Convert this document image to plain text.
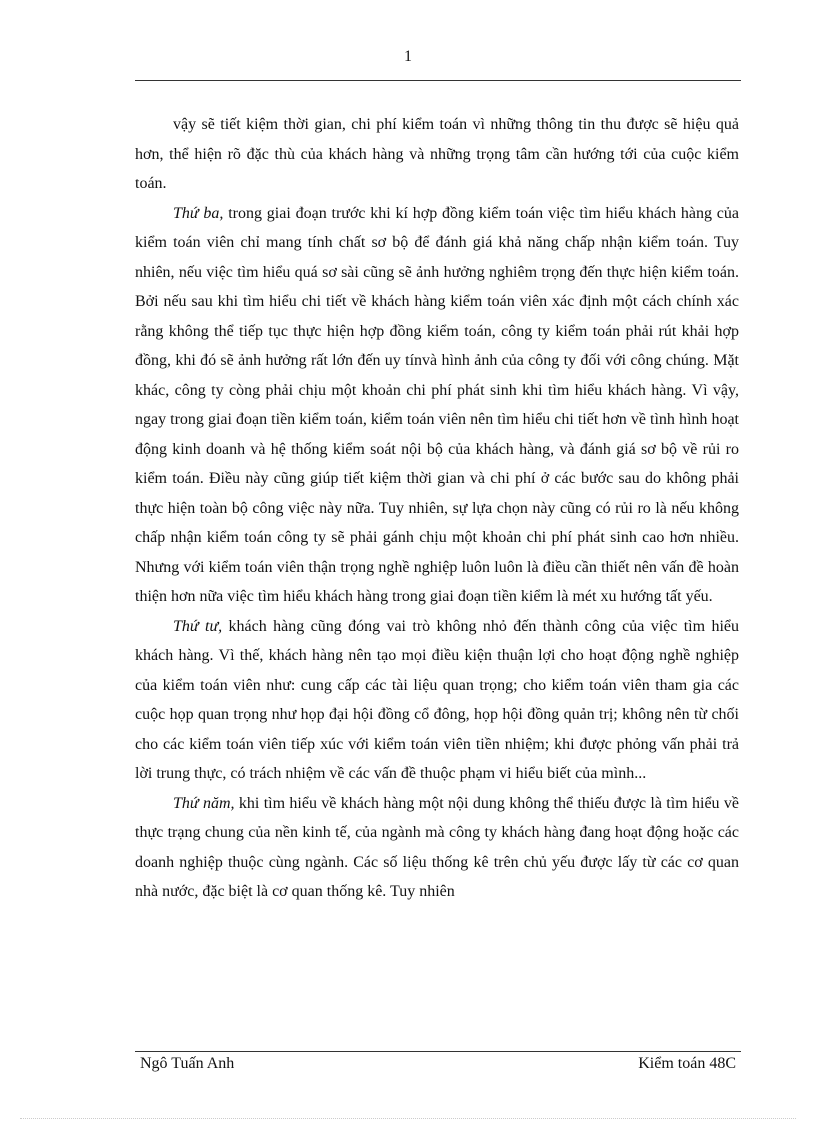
1

vậy sẽ tiết kiệm thời gian, chi phí kiểm toán vì những thông tin thu được sẽ hiệu quả hơn, thể hiện rõ đặc thù của khách hàng và những trọng tâm cần hướng tới của cuộc kiểm toán.

Thứ ba, trong giai đoạn trước khi kí hợp đồng kiểm toán việc tìm hiểu khách hàng của kiểm toán viên chỉ mang tính chất sơ bộ để đánh giá khả năng chấp nhận kiểm toán. Tuy nhiên, nếu việc tìm hiểu quá sơ sài cũng sẽ ảnh hưởng nghiêm trọng đến thực hiện kiểm toán. Bởi nếu sau khi tìm hiểu chi tiết về khách hàng kiểm toán viên xác định một cách chính xác rằng không thể tiếp tục thực hiện hợp đồng kiểm toán, công ty kiểm toán phải rút khải hợp đồng, khi đó sẽ ảnh hưởng rất lớn đến uy tínvà hình ảnh của công ty đối với công chúng. Mặt khác, công ty còng phải chịu một khoản chi phí phát sinh khi tìm hiểu khách hàng. Vì vậy, ngay trong giai đoạn tiền kiểm toán, kiểm toán viên nên tìm hiểu chi tiết hơn về tình hình hoạt động kinh doanh và hệ thống kiểm soát nội bộ của khách hàng, và đánh giá sơ bộ về rủi ro kiểm toán. Điều này cũng giúp tiết kiệm thời gian và chi phí ở các bước sau do không phải thực hiện toàn bộ công việc này nữa. Tuy nhiên, sự lựa chọn này cũng có rủi ro là nếu không chấp nhận kiểm toán công ty sẽ phải gánh chịu một khoản chi phí phát sinh cao hơn nhiều. Nhưng với kiểm toán viên thận trọng nghề nghiệp luôn luôn là điều cần thiết nên vấn đề hoàn thiện hơn nữa việc tìm hiểu khách hàng trong giai đoạn tiền kiểm là mét xu hướng tất yếu.

Thứ tư, khách hàng cũng đóng vai trò không nhỏ đến thành công của việc tìm hiểu khách hàng. Vì thế, khách hàng nên tạo mọi điều kiện thuận lợi cho hoạt động nghề nghiệp của kiểm toán viên như: cung cấp các tài liệu quan trọng; cho kiểm toán viên tham gia các cuộc họp quan trọng như họp đại hội đồng cổ đông, họp hội đồng quản trị; không nên từ chối cho các kiểm toán viên tiếp xúc với kiểm toán viên tiền nhiệm; khi được phỏng vấn phải trả lời trung thực, có trách nhiệm về các vấn đề thuộc phạm vi hiểu biết của mình...

Thứ năm, khi tìm hiểu về khách hàng một nội dung không thể thiếu được là tìm hiểu về thực trạng chung của nền kinh tế, của ngành mà công ty khách hàng đang hoạt động hoặc các doanh nghiệp thuộc cùng ngành. Các số liệu thống kê trên chủ yếu được lấy từ các cơ quan nhà nước, đặc biệt là cơ quan thống kê. Tuy nhiên

Ngô Tuấn Anh	Kiểm toán 48C
